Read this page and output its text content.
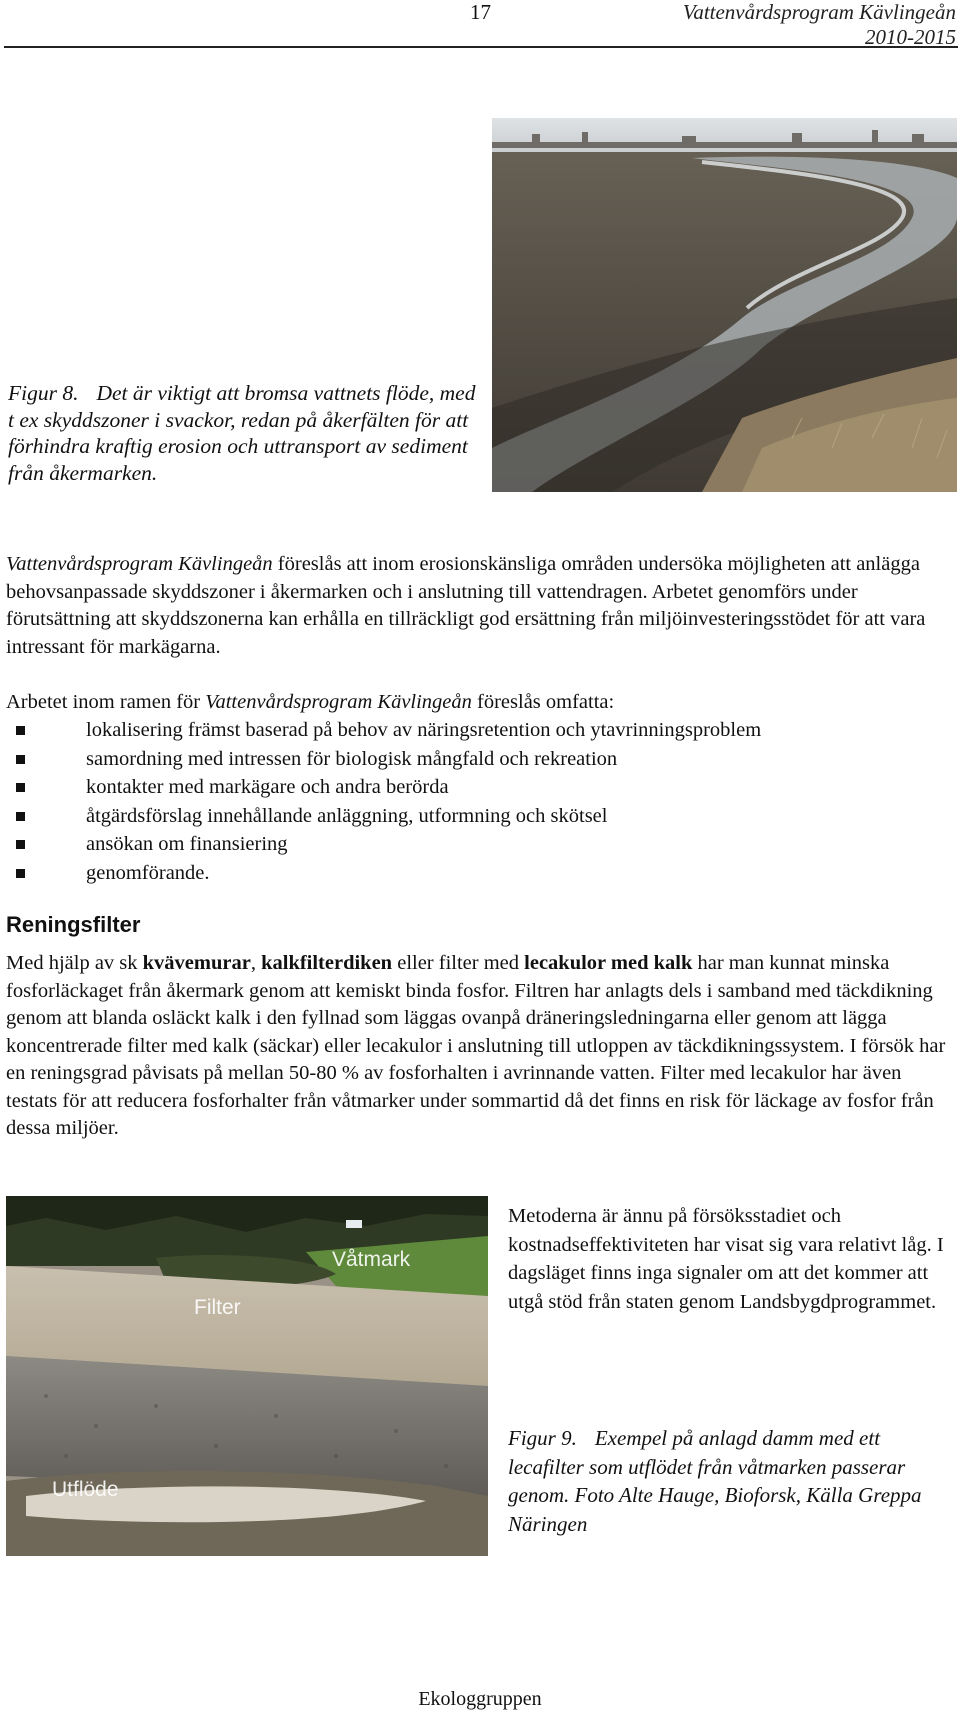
17	Vattenvårdsprogram Kävlingeån
2010-2015
Figur 8. Det är viktigt att bromsa vattnets flöde, med t ex skyddszoner i svackor, redan på åkerfälten för att förhindra kraftig erosion och uttransport av sediment från åkermarken.
Vattenvårdsprogram Kävlingeån föreslås att inom erosionskänsliga områden undersöka möjligheten att anlägga behovsanpassade skyddszoner i åkermarken och i anslutning till vattendragen. Arbetet genomförs under förutsättning att skyddszonerna kan erhålla en tillräckligt god ersättning från miljöinvesteringsstödet för att vara intressant för markägarna.
Arbetet inom ramen för Vattenvårdsprogram Kävlingeån föreslås omfatta:
lokalisering främst baserad på behov av näringsretention och ytavrinningsproblem
samordning med intressen för biologisk mångfald och rekreation
kontakter med markägare och andra berörda
åtgärdsförslag innehållande anläggning, utformning och skötsel
ansökan om finansiering
genomförande.
Reningsfilter
Med hjälp av sk kvävemurar, kalkfilterdiken eller filter med lecakulor med kalk har man kunnat minska fosforläckaget från åkermark genom att kemiskt binda fosfor. Filtren har anlagts dels i samband med täckdikning genom att blanda osläckt kalk i den fyllnad som läggas ovanpå dräneringsledningarna eller genom att lägga koncentrerade filter med kalk (säckar) eller lecakulor i anslutning till utloppen av täckdikningssystem. I försök har en reningsgrad påvisats på mellan 50-80 % av fosforhalten i avrinnande vatten. Filter med lecakulor har även testats för att reducera fosforhalter från våtmarker under sommartid då det finns en risk för läckage av fosfor från dessa miljöer.
Våtmark
Filter
Utflöde
Metoderna är ännu på försöksstadiet och kostnadseffektiviteten har visat sig vara relativt låg. I dagsläget finns inga signaler om att det kommer att utgå stöd från staten genom Landsbygdprogrammet.
Figur 9. Exempel på anlagd damm med ett lecafilter som utflödet från våtmarken passerar genom. Foto Alte Hauge, Bioforsk, Källa Greppa Näringen
Ekologgruppen
